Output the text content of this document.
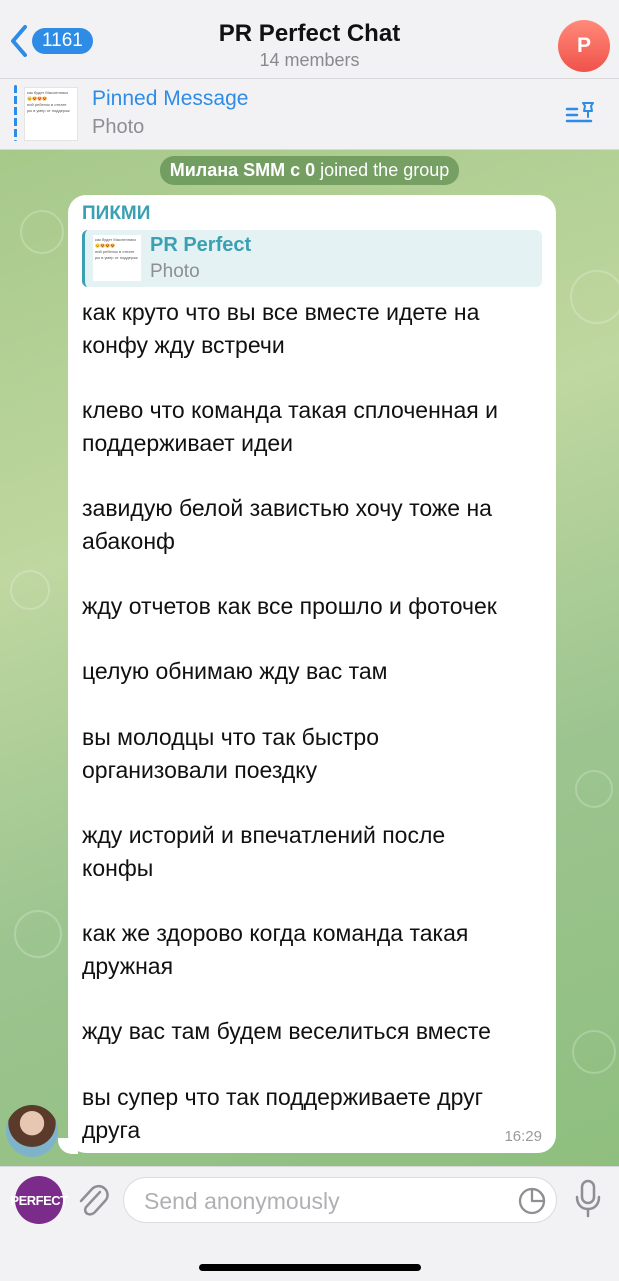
1161	PR Perfect Chat
14 members
P
как будет Масленнико
😊😍😍😍
ний ребенок в отпате
ры в умер от поддержк
Pinned Message
Photo
Милана SMM с 0 joined the group
ПИКМИ
как будет Масленнико
😊😍😍😍
ний ребенок в отпате
ры в умер от поддержк
PR Perfect
Photo
как круто что вы все вместе идете на
конфу жду встречи
клево что команда такая сплоченная и
поддерживает идеи
завидую белой завистью хочу тоже на
абаконф
жду отчетов как все прошло и фоточек
целую обнимаю жду вас там
вы молодцы что так быстро
организовали поездку
жду историй и впечатлений после
конфы
как же здорово когда команда такая
дружная
жду вас там будем веселиться вместе
вы супер что так поддерживаете друг
друга	16:29
PERFECT
Send anonymously
